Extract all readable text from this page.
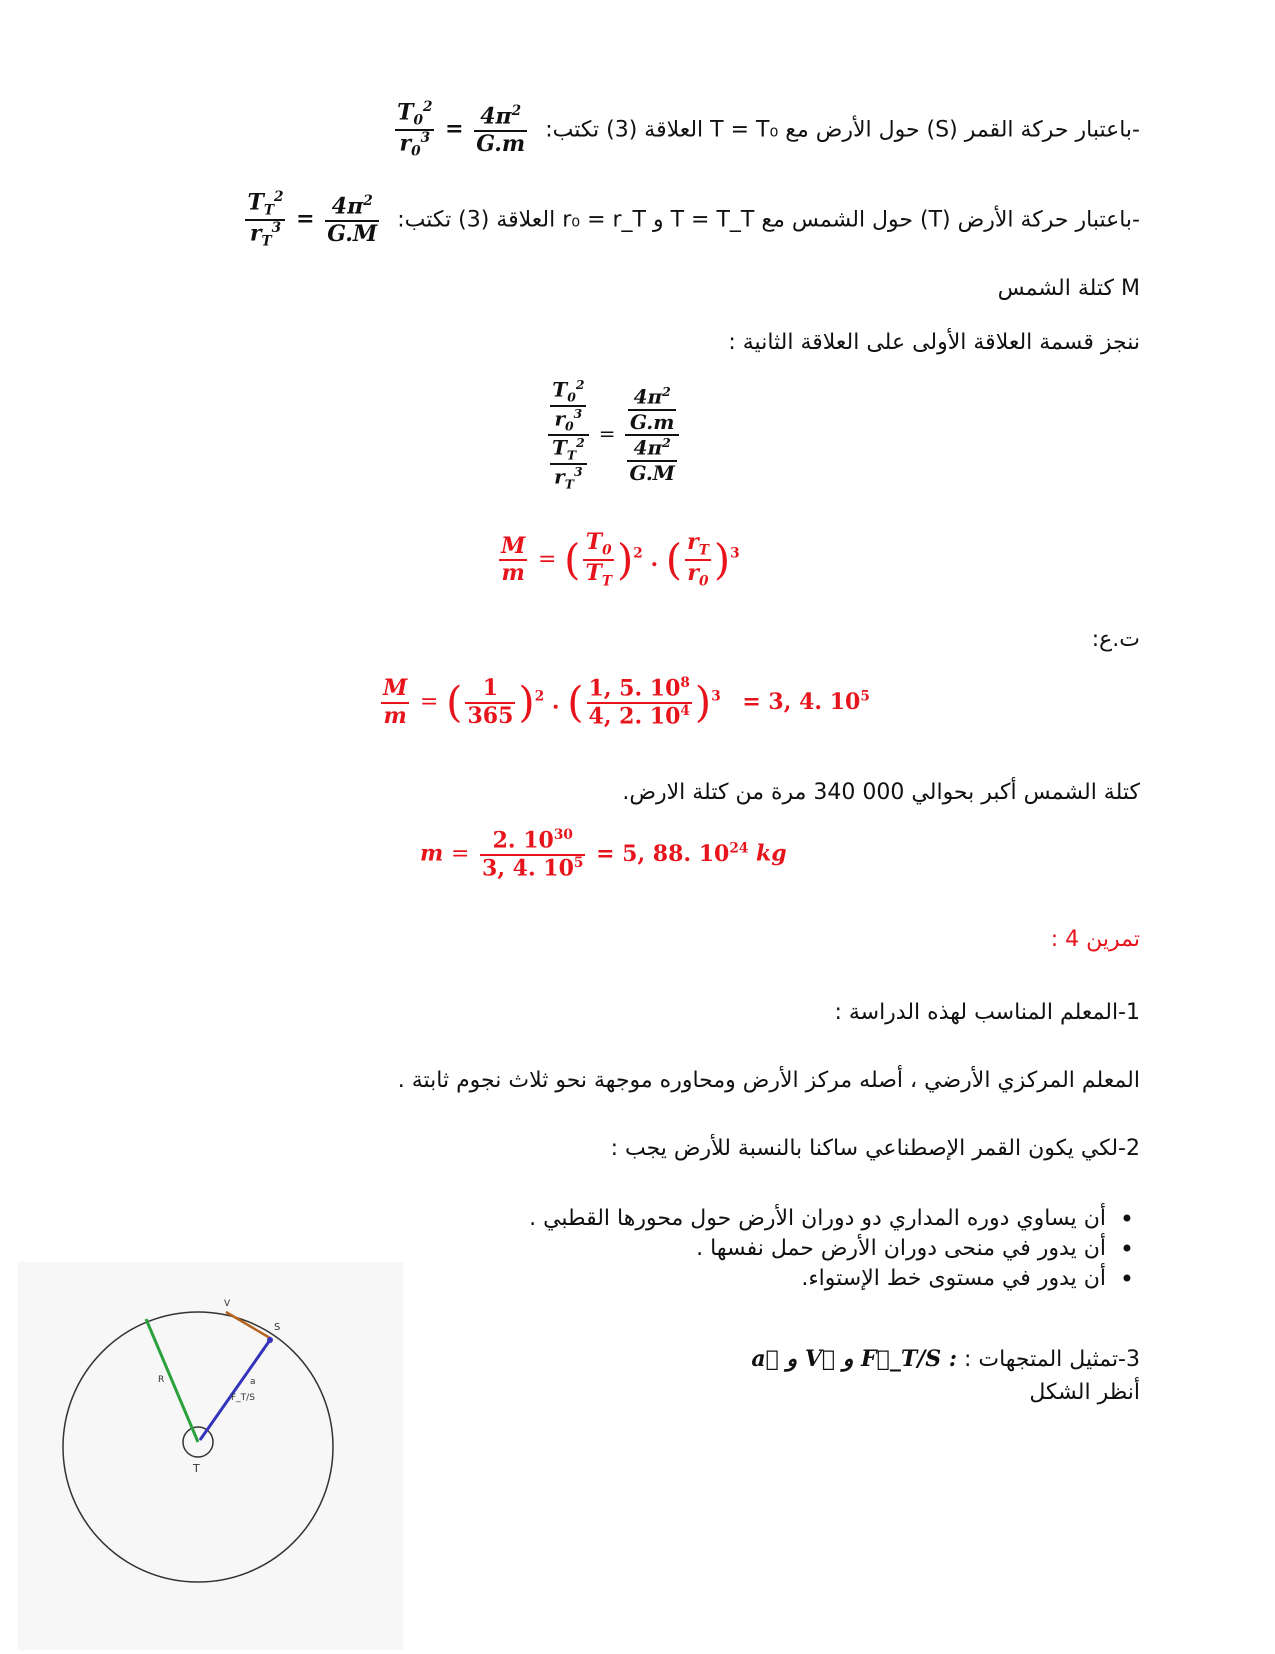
-باعتبار حركة القمر (S) حول الأرض مع T = T₀ العلاقة (3) تكتب:
$\frac{T_0^2}{r_0^3} = \frac{4\pi^2}{G.m}$
-باعتبار حركة الأرض (T) حول الشمس مع T = T_T و r₀ = r_T العلاقة (3) تكتب:
$\frac{T_T^2}{r_T^3} = \frac{4\pi^2}{G.M}$
M كتلة الشمس
ننجز قسمة العلاقة الأولى على العلاقة الثانية :
$\frac{\frac{T_0^2}{r_0^3}}{\frac{T_T^2}{r_T^3}} = \frac{\frac{4\pi^2}{G.m}}{\frac{4\pi^2}{G.M}}$
$\frac{M}{m}$ = ( $\frac{T_0}{T_T} )^2$ . ( $\frac{r_T}{r_0} )^3$
ت.ع:
$\frac{M}{m}$ = ( $\frac{1}{365} )^2$ . ( $\frac{1, 5. 10^8}{4, 2. 10^4} )^3 = 3$, 4. $10^5$
كتلة الشمس أكبر بحوالي 000 340 مرة من كتلة الارض.
$m = \frac{2. 10^{30}}{3, 4. 10^5} = 5$, 88. $10^{24}$ kg
تمرين 4 :
1-المعلم المناسب لهذه الدراسة :
المعلم المركزي الأرضي ، أصله مركز الأرض ومحاوره موجهة نحو ثلاث نجوم ثابتة .
2-لكي يكون القمر الإصطناعي ساكنا بالنسبة للأرض يجب :
• أن يساوي دوره المداري دو دوران الأرض حول محورها القطبي .
• أن يدور في منحى دوران الأرض حمل نفسها .
• أن يدور في مستوى خط الإستواء.
3-تمثيل المتجهات : a⃗ و V⃗ و F⃗_T/S :
أنظر الشكل
T
S
R
F_T/S
a
V
